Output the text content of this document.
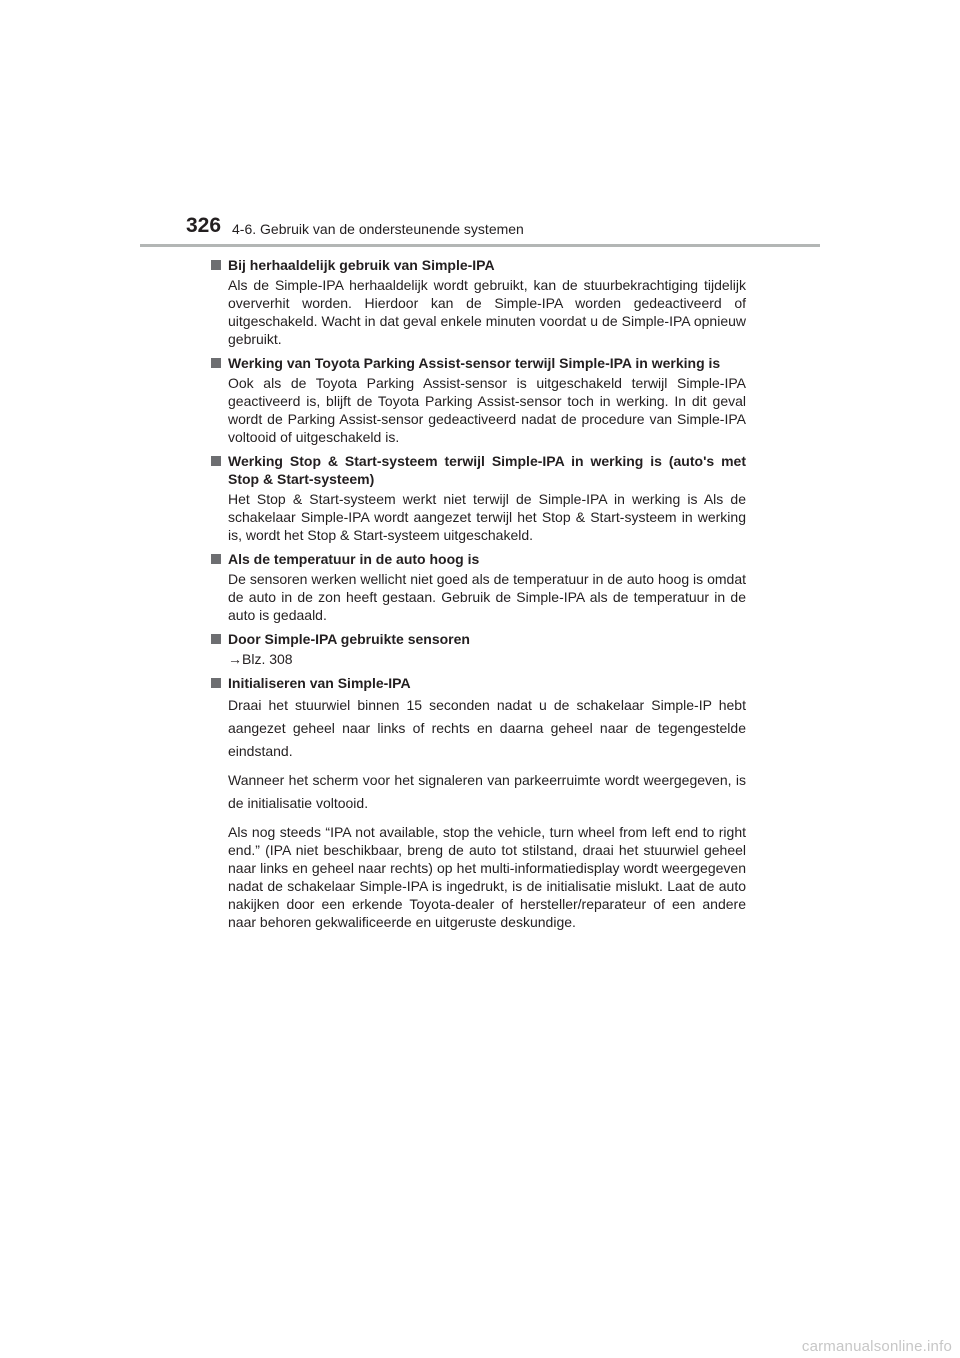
326 4-6. Gebruik van de ondersteunende systemen
Bij herhaaldelijk gebruik van Simple-IPA
Als de Simple-IPA herhaaldelijk wordt gebruikt, kan de stuurbekrachtiging tijdelijk oververhit worden. Hierdoor kan de Simple-IPA worden gedeactiveerd of uitgeschakeld. Wacht in dat geval enkele minuten voordat u de Simple-IPA opnieuw gebruikt.
Werking van Toyota Parking Assist-sensor terwijl Simple-IPA in werking is
Ook als de Toyota Parking Assist-sensor is uitgeschakeld terwijl Simple-IPA geactiveerd is, blijft de Toyota Parking Assist-sensor toch in werking. In dit geval wordt de Parking Assist-sensor gedeactiveerd nadat de procedure van Simple-IPA voltooid of uitgeschakeld is.
Werking Stop & Start-systeem terwijl Simple-IPA in werking is (auto's met Stop & Start-systeem)
Het Stop & Start-systeem werkt niet terwijl de Simple-IPA in werking is Als de schakelaar Simple-IPA wordt aangezet terwijl het Stop & Start-systeem in werking is, wordt het Stop & Start-systeem uitgeschakeld.
Als de temperatuur in de auto hoog is
De sensoren werken wellicht niet goed als de temperatuur in de auto hoog is omdat de auto in de zon heeft gestaan. Gebruik de Simple-IPA als de temperatuur in de auto is gedaald.
Door Simple-IPA gebruikte sensoren
→Blz. 308
Initialiseren van Simple-IPA
Draai het stuurwiel binnen 15 seconden nadat u de schakelaar Simple-IP hebt aangezet geheel naar links of rechts en daarna geheel naar de tegengestelde eindstand.
Wanneer het scherm voor het signaleren van parkeerruimte wordt weergegeven, is de initialisatie voltooid.
Als nog steeds “IPA not available, stop the vehicle, turn wheel from left end to right end.” (IPA niet beschikbaar, breng de auto tot stilstand, draai het stuurwiel geheel naar links en geheel naar rechts) op het multi-informatiedisplay wordt weergegeven nadat de schakelaar Simple-IPA is ingedrukt, is de initialisatie mislukt. Laat de auto nakijken door een erkende Toyota-dealer of hersteller/reparateur of een andere naar behoren gekwalificeerde en uitgeruste deskundige.
carmanualsonline.info
